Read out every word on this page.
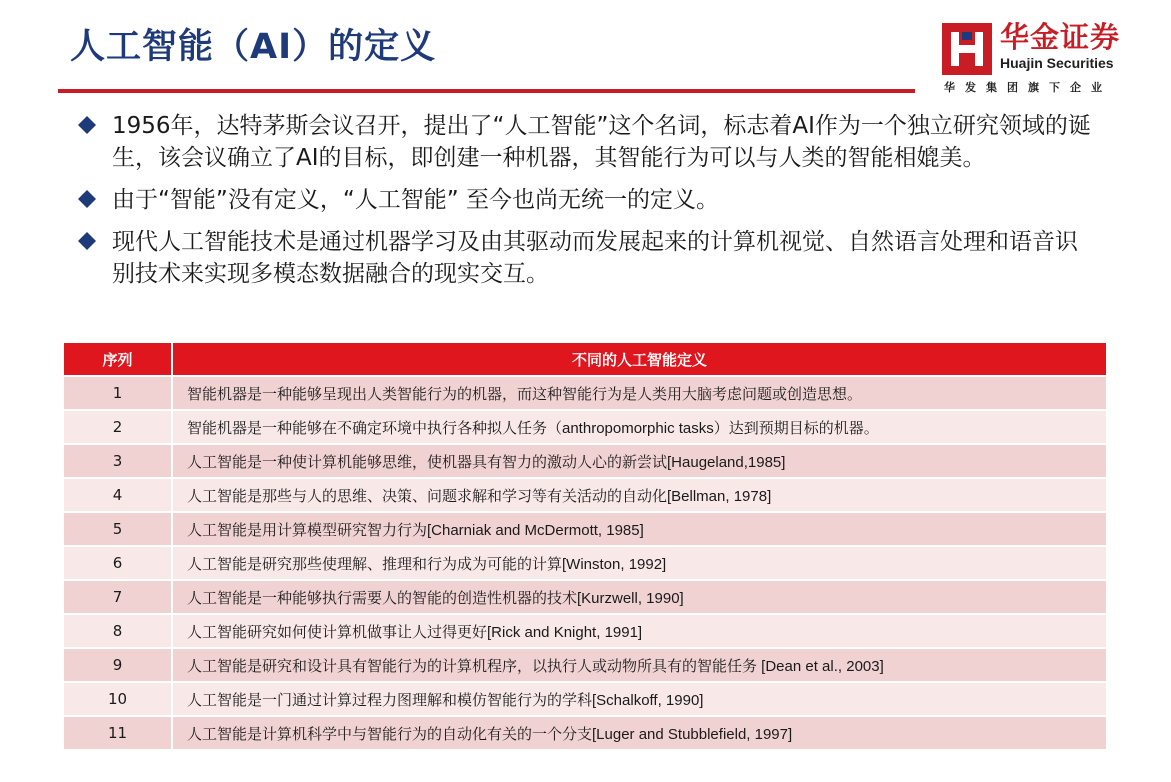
人工智能（AI）的定义	华金证券
Huajin Securities
华发集团旗下企业
1956年，达特茅斯会议召开，提出了“人工智能”这个名词，标志着AI作为一个独立研究领域的诞生，该会议确立了AI的目标，即创建一种机器，其智能行为可以与人类的智能相媲美。
由于“智能”没有定义，“人工智能” 至今也尚无统一的定义。
现代人工智能技术是通过机器学习及由其驱动而发展起来的计算机视觉、自然语言处理和语音识别技术来实现多模态数据融合的现实交互。
序列	不同的人工智能定义
1	智能机器是一种能够呈现出人类智能行为的机器，而这种智能行为是人类用大脑考虑问题或创造思想。
2	智能机器是一种能够在不确定环境中执行各种拟人任务（anthropomorphic tasks）达到预期目标的机器。
3	人工智能是一种使计算机能够思维，使机器具有智力的激动人心的新尝试[Haugeland,1985]
4	人工智能是那些与人的思维、决策、问题求解和学习等有关活动的自动化[Bellman, 1978]
5	人工智能是用计算模型研究智力行为[Charniak and McDermott, 1985]
6	人工智能是研究那些使理解、推理和行为成为可能的计算[Winston, 1992]
7	人工智能是一种能够执行需要人的智能的创造性机器的技术[Kurzwell, 1990]
8	人工智能研究如何使计算机做事让人过得更好[Rick and Knight, 1991]
9	人工智能是研究和设计具有智能行为的计算机程序，以执行人或动物所具有的智能任务 [Dean et al., 2003]
10	人工智能是一门通过计算过程力图理解和模仿智能行为的学科[Schalkoff, 1990]
11	人工智能是计算机科学中与智能行为的自动化有关的一个分支[Luger and Stubblefield, 1997]
